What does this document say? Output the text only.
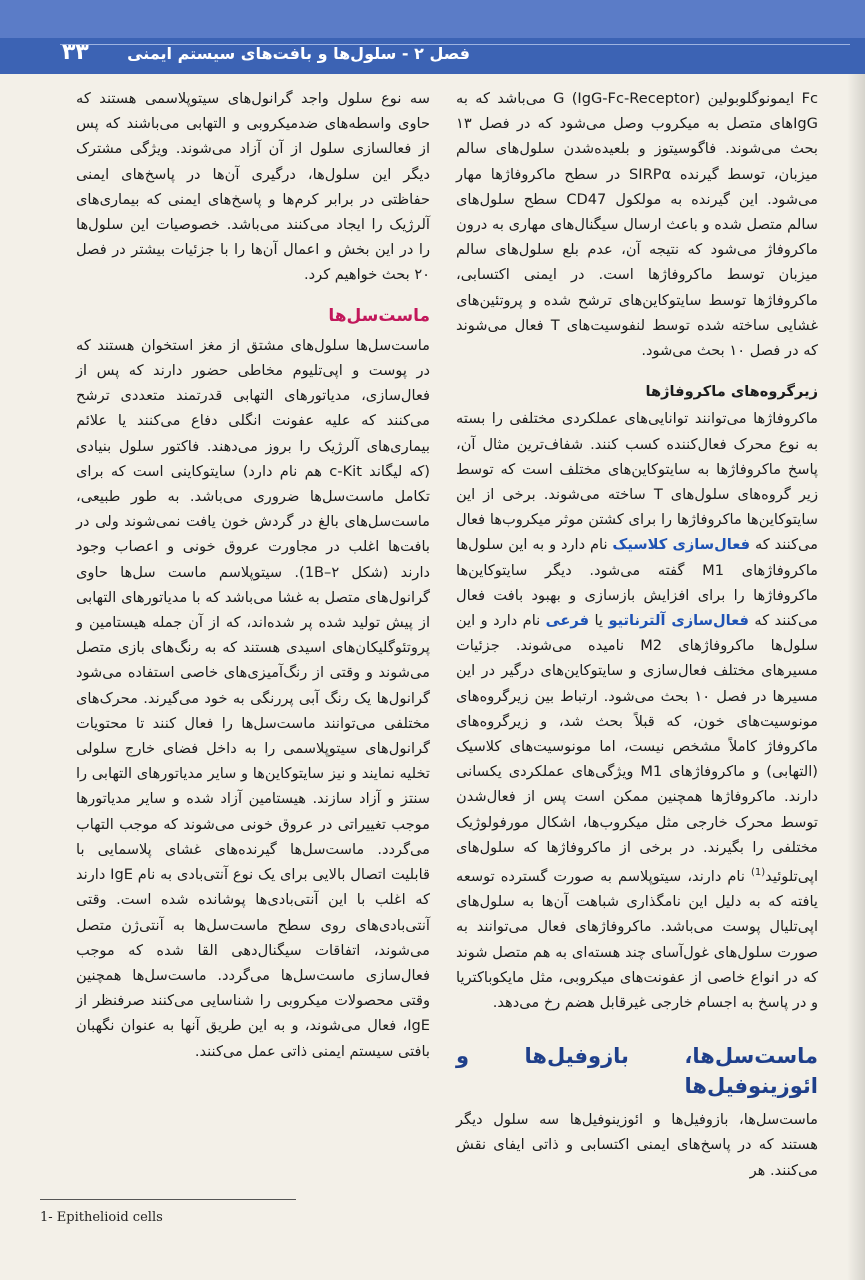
فصل ۲ - سلول‌ها و بافت‌های سیستم ایمنی
۳۳

Fc ایمونوگلوبولین G (IgG-Fc-Receptor) می‌باشد که به IgGهای متصل به میکروب وصل می‌شود که در فصل ۱۳ بحث می‌شوند. فاگوسیتوز و بلعیده‌شدن سلول‌های سالم میزبان، توسط گیرنده SIRPα در سطح ماکروفاژها مهار می‌شود. این گیرنده به مولکول CD47 سطح سلول‌های سالم متصل شده و باعث ارسال سیگنال‌های مهاری به درون ماکروفاژ می‌شود که نتیجه آن، عدم بلع سلول‌های سالم میزبان توسط ماکروفاژها است. در ایمنی اکتسابی، ماکروفاژها توسط سایتوکاین‌های ترشح شده و پروتئین‌های غشایی ساخته شده توسط لنفوسیت‌های T فعال می‌شوند که در فصل ۱۰ بحث می‌شود.

زیرگروه‌های ماکروفاژها

ماکروفاژها می‌توانند توانایی‌های عملکردی مختلفی را بسته به نوع محرک فعال‌کننده کسب کنند. شفاف‌ترین مثال آن، پاسخ ماکروفاژها به سایتوکاین‌های مختلف است که توسط زیر گروه‌های سلول‌های T ساخته می‌شوند. برخی از این سایتوکاین‌ها ماکروفاژها را برای کشتن موثر میکروب‌ها فعال می‌کنند که فعال‌سازی کلاسیک نام دارد و به این سلول‌ها ماکروفاژهای M1 گفته می‌شود. دیگر سایتوکاین‌ها ماکروفاژها را برای افزایش بازسازی و بهبود بافت فعال می‌کنند که فعال‌سازی آلترناتیو یا فرعی نام دارد و این سلول‌ها ماکروفاژهای M2 نامیده می‌شوند. جزئیات مسیرهای مختلف فعال‌سازی و سایتوکاین‌های درگیر در این مسیرها در فصل ۱۰ بحث می‌شود. ارتباط بین زیرگروه‌های مونوسیت‌های خون، که قبلاً بحث شد، و زیرگروه‌های ماکروفاژ کاملاً مشخص نیست، اما مونوسیت‌های کلاسیک (التهابی) و ماکروفاژهای M1 ویژگی‌های عملکردی یکسانی دارند. ماکروفاژها همچنین ممکن است پس از فعال‌شدن توسط محرک خارجی مثل میکروب‌ها، اشکال مورفولوژیک مختلفی را بگیرند. در برخی از ماکروفاژها که سلول‌های اپی‌تلوئید$^{(1)}$ نام دارند، سیتوپلاسم به صورت گسترده توسعه یافته که به دلیل این نامگذاری شباهت آن‌ها به سلول‌های اپی‌تلیال پوست می‌باشد. ماکروفاژهای فعال می‌توانند به صورت سلول‌های غول‌آسای چند هسته‌ای به هم متصل شوند که در انواع خاصی از عفونت‌های میکروبی، مثل مایکوباکتریا و در پاسخ به اجسام خارجی غیرقابل هضم رخ می‌دهد.

ماست‌سل‌ها، بازوفیل‌ها و ائوزینوفیل‌ها

ماست‌سل‌ها، بازوفیل‌ها و ائوزینوفیل‌ها سه سلول دیگر هستند که در پاسخ‌های ایمنی اکتسابی و ذاتی ایفای نقش می‌کنند. هر

سه نوع سلول واجد گرانول‌های سیتوپلاسمی هستند که حاوی واسطه‌های ضدمیکروبی و التهابی می‌باشند که پس از فعالسازی سلول از آن آزاد می‌شوند. ویژگی مشترک دیگر این سلول‌ها، درگیری آن‌ها در پاسخ‌های ایمنی حفاظتی در برابر کرم‌ها و پاسخ‌های ایمنی که بیماری‌های آلرژیک را ایجاد می‌کنند می‌باشد. خصوصیات این سلول‌ها را در این بخش و اعمال آن‌ها را با جزئیات بیشتر در فصل ۲۰ بحث خواهیم کرد.

ماست‌سل‌ها

ماست‌سل‌ها سلول‌های مشتق از مغز استخوان هستند که در پوست و اپی‌تلیوم مخاطی حضور دارند که پس از فعال‌سازی، مدیاتورهای التهابی قدرتمند متعددی ترشح می‌کنند که علیه عفونت انگلی دفاع می‌کنند یا علائم بیماری‌های آلرژیک را بروز می‌دهند. فاکتور سلول بنیادی (که لیگاند c-Kit هم نام دارد) سایتوکاینی است که برای تکامل ماست‌سل‌ها ضروری می‌باشد. به طور طبیعی، ماست‌سل‌های بالغ در گردش خون یافت نمی‌شوند ولی در بافت‌ها اغلب در مجاورت عروق خونی و اعصاب وجود دارند (شکل 1B–۲). سیتوپلاسم ماست سل‌ها حاوی گرانول‌های متصل به غشا می‌باشد که با مدیاتورهای التهابی از پیش تولید شده پر شده‌اند، که از آن جمله هیستامین و پروتئوگلیکان‌های اسیدی هستند که به رنگ‌های بازی متصل می‌شوند و وقتی از رنگ‌آمیزی‌های خاصی استفاده می‌شود گرانول‌ها یک رنگ آبی پررنگی به خود می‌گیرند. محرک‌های مختلفی می‌توانند ماست‌سل‌ها را فعال کنند تا محتویات گرانول‌های سیتوپلاسمی را به داخل فضای خارج سلولی تخلیه نمایند و نیز سایتوکاین‌ها و سایر مدیاتورهای التهابی را سنتز و آزاد سازند. هیستامین آزاد شده و سایر مدیاتورها موجب تغییراتی در عروق خونی می‌شوند که موجب التهاب می‌گردد. ماست‌سل‌ها گیرنده‌های غشای پلاسمایی با قابلیت اتصال بالایی برای یک نوع آنتی‌بادی به نام IgE دارند که اغلب با این آنتی‌بادی‌ها پوشانده شده است. وقتی آنتی‌بادی‌های روی سطح ماست‌سل‌ها به آنتی‌ژن متصل می‌شوند، اتفاقات سیگنال‌دهی القا شده که موجب فعال‌سازی ماست‌سل‌ها می‌گردد. ماست‌سل‌ها همچنین وقتی محصولات میکروبی را شناسایی می‌کنند صرفنظر از IgE، فعال می‌شوند، و به این طریق آنها به عنوان نگهبان بافتی سیستم ایمنی ذاتی عمل می‌کنند.

1- Epithelioid cells
